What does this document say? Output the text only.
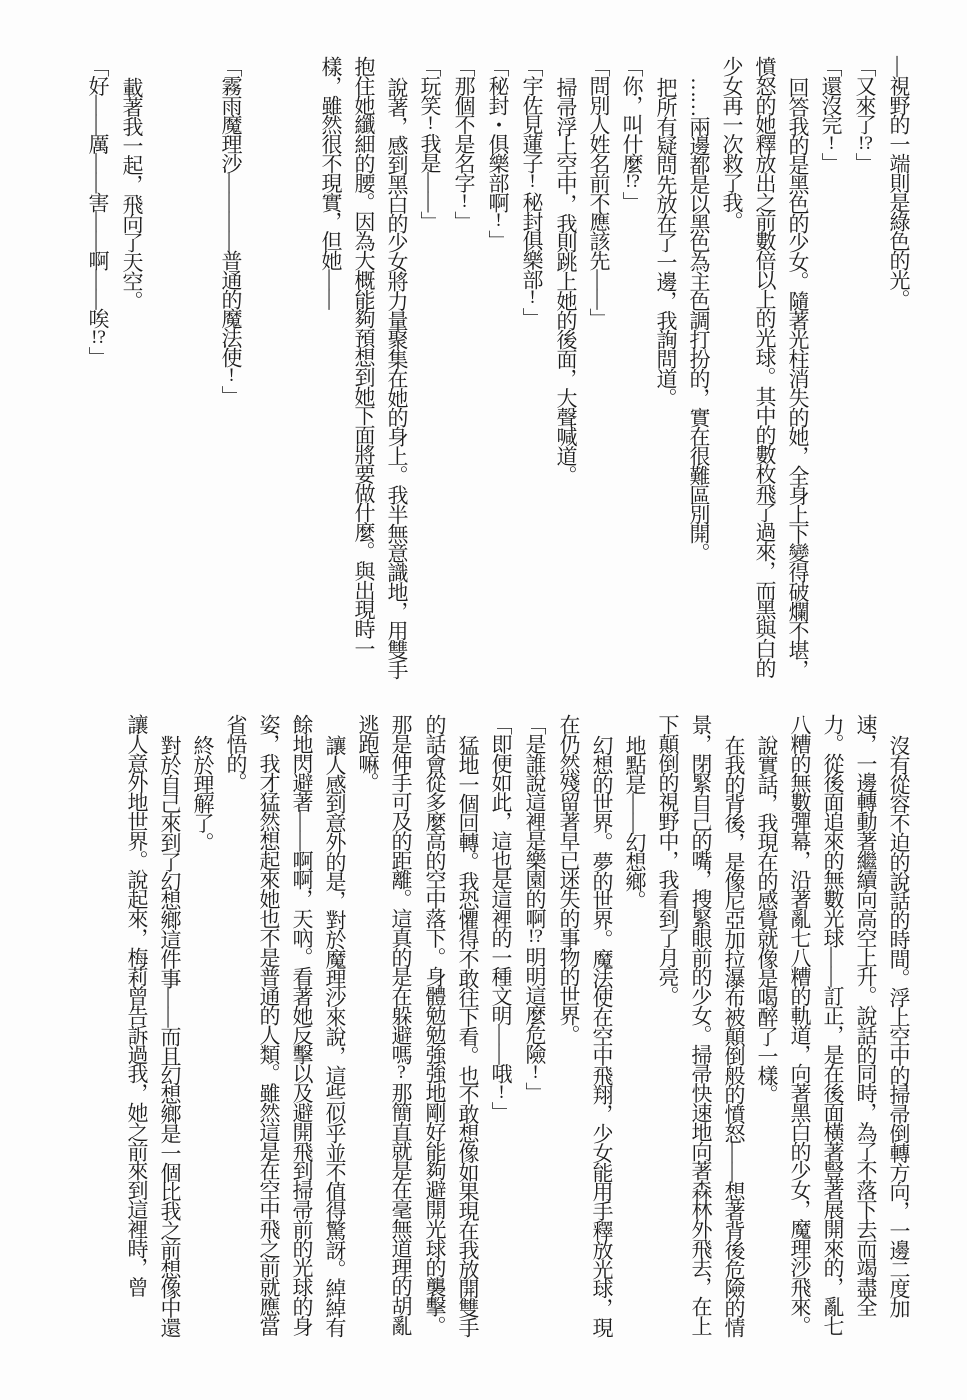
—視野的一端則是綠色的光。

「又來了!?」

「還沒完!」

回答我的是黑色的少女。隨著光柱消失的她，全身上下變得破爛不堪，憤怒的她釋放出之前數倍以上的光球。其中的數枚飛了過來，而黑與白的少女再一次救了我。

……兩邊都是以黑色為主色調打扮的，實在很難區別開。

把所有疑問先放在了一邊，我詢問道。

「你，叫什麼!?」

「問別人姓名前不應該先——」

掃帚浮上空中，我則跳上她的後面，大聲喊道。

「宇佐見蓮子!秘封俱樂部!」

「秘封・俱樂部啊!」

「那個不是名字!」

「玩笑!我是——」

說著，感到黑白的少女將力量聚集在她的身上。我半無意識地，用雙手抱住她纖細的腰。因為大概能夠預想到她下面將要做什麼。與出現時一樣，雖然很不現實，但她——

「霧雨魔理沙————普通的魔法使!」

載著我一起，飛向了天空。

「好——厲——害——啊——唉!?」

沒有從容不迫的說話的時間。浮上空中的掃帚倒轉方向，一邊二度加速，一邊轉動著繼續向高空上升。說話的同時，為了不落下去而竭盡全力。從後面追來的無數光球——訂正，是在後面橫著豎著展開來的，亂七八糟的無數彈幕，沿著亂七八糟的軌道，向著黑白的少女，魔理沙飛來。

說實話，我現在的感覺就像是喝醉了一樣。

在我的背後，是像尼亞加拉瀑布被顛倒般的憤怒——想著背後危險的情景，閉緊自己的嘴，搜緊眼前的少女。掃帚快速地向著森林外飛去，在上下顛倒的視野中，我看到了月亮。

地點是——幻想鄉。

幻想的世界。夢的世界。魔法使在空中飛翔，少女能用手釋放光球，現在仍然殘留著早已迷失的事物的世界。

「是誰說這裡是樂園的啊!?明明這麼危險!」

「即便如此，這也是這裡的一種文明——哦!」

猛地一個回轉。我恐懼得不敢往下看。也不敢想像如果現在我放開雙手的話會從多麼高的空中落下。身體勉勉強強地剛好能夠避開光球的襲擊。那是伸手可及的距離。這真的是在躲避嗎?那簡直就是在毫無道理的胡亂逃跑嘛。

讓人感到意外的是，對於魔理沙來說，這些似乎並不值得驚訝。綽綽有餘地閃避著——啊啊，天吶。看著她反擊以及避開飛到掃帚前的光球的身姿，我才猛然想起來她也不是普通的人類。雖然這是在空中飛之前就應當省悟的。

終於理解了。

對於自己來到了幻想鄉這件事——而且幻想鄉是一個比我之前想像中還讓人意外地世界。說起來，梅莉曾告訴過我，她之前來到這裡時，曾
